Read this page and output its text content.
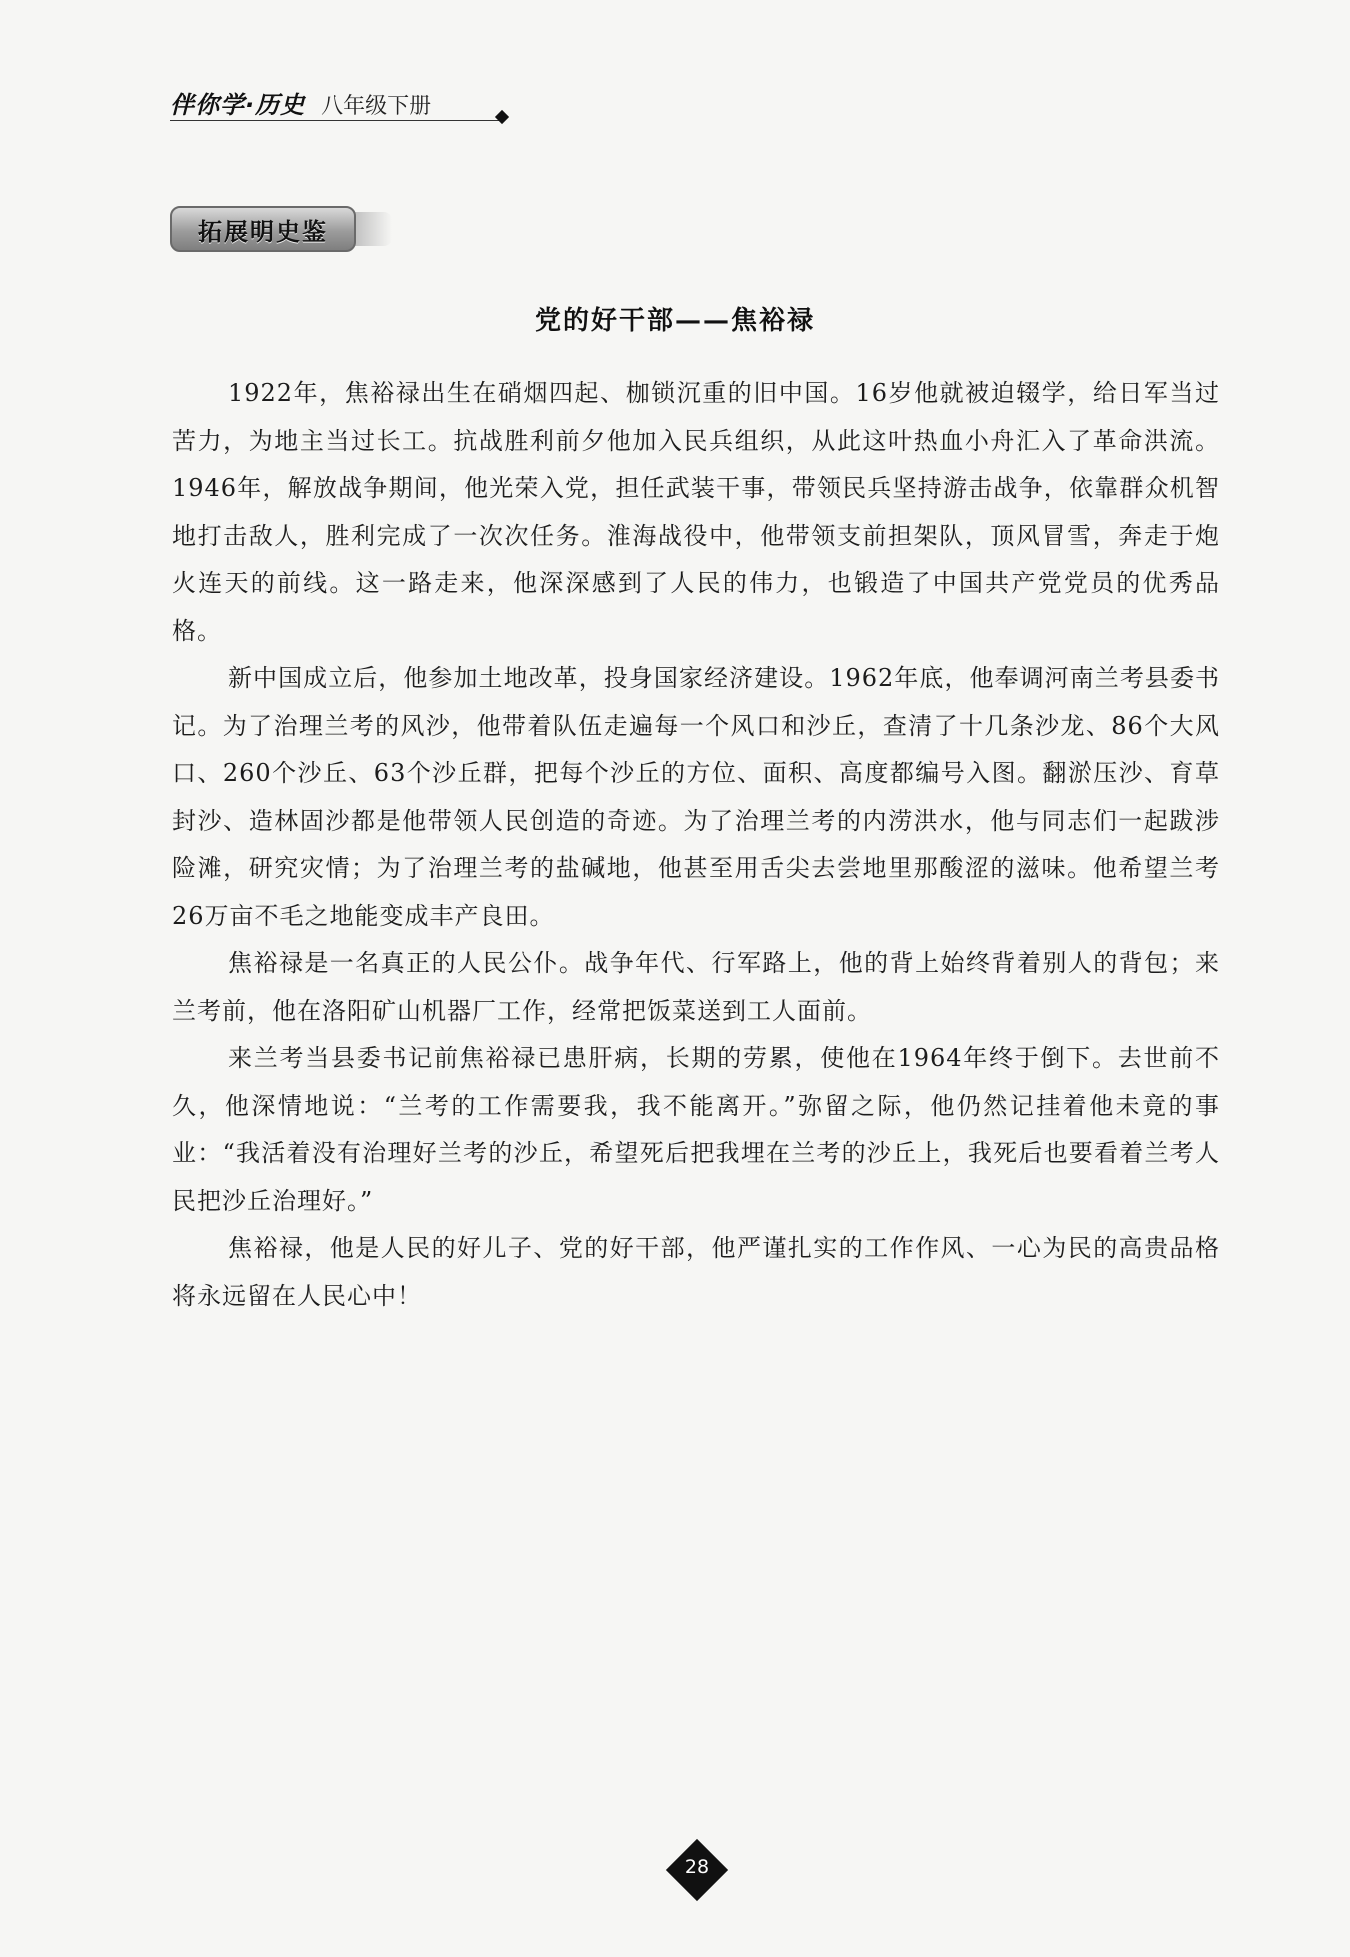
伴你学·历史 八年级下册
拓展明史鉴
党的好干部——焦裕禄

1922年，焦裕禄出生在硝烟四起、枷锁沉重的旧中国。16岁他就被迫辍学，给日军当过苦力，为地主当过长工。抗战胜利前夕他加入民兵组织，从此这叶热血小舟汇入了革命洪流。1946年，解放战争期间，他光荣入党，担任武装干事，带领民兵坚持游击战争，依靠群众机智地打击敌人，胜利完成了一次次任务。淮海战役中，他带领支前担架队，顶风冒雪，奔走于炮火连天的前线。这一路走来，他深深感到了人民的伟力，也锻造了中国共产党党员的优秀品格。

新中国成立后，他参加土地改革，投身国家经济建设。1962年底，他奉调河南兰考县委书记。为了治理兰考的风沙，他带着队伍走遍每一个风口和沙丘，查清了十几条沙龙、86个大风口、260个沙丘、63个沙丘群，把每个沙丘的方位、面积、高度都编号入图。翻淤压沙、育草封沙、造林固沙都是他带领人民创造的奇迹。为了治理兰考的内涝洪水，他与同志们一起跋涉险滩，研究灾情；为了治理兰考的盐碱地，他甚至用舌尖去尝地里那酸涩的滋味。他希望兰考26万亩不毛之地能变成丰产良田。

焦裕禄是一名真正的人民公仆。战争年代、行军路上，他的背上始终背着别人的背包；来兰考前，他在洛阳矿山机器厂工作，经常把饭菜送到工人面前。

来兰考当县委书记前焦裕禄已患肝病，长期的劳累，使他在1964年终于倒下。去世前不久，他深情地说：“兰考的工作需要我，我不能离开。”弥留之际，他仍然记挂着他未竟的事业：“我活着没有治理好兰考的沙丘，希望死后把我埋在兰考的沙丘上，我死后也要看着兰考人民把沙丘治理好。”

焦裕禄，他是人民的好儿子、党的好干部，他严谨扎实的工作作风、一心为民的高贵品格将永远留在人民心中！

28
